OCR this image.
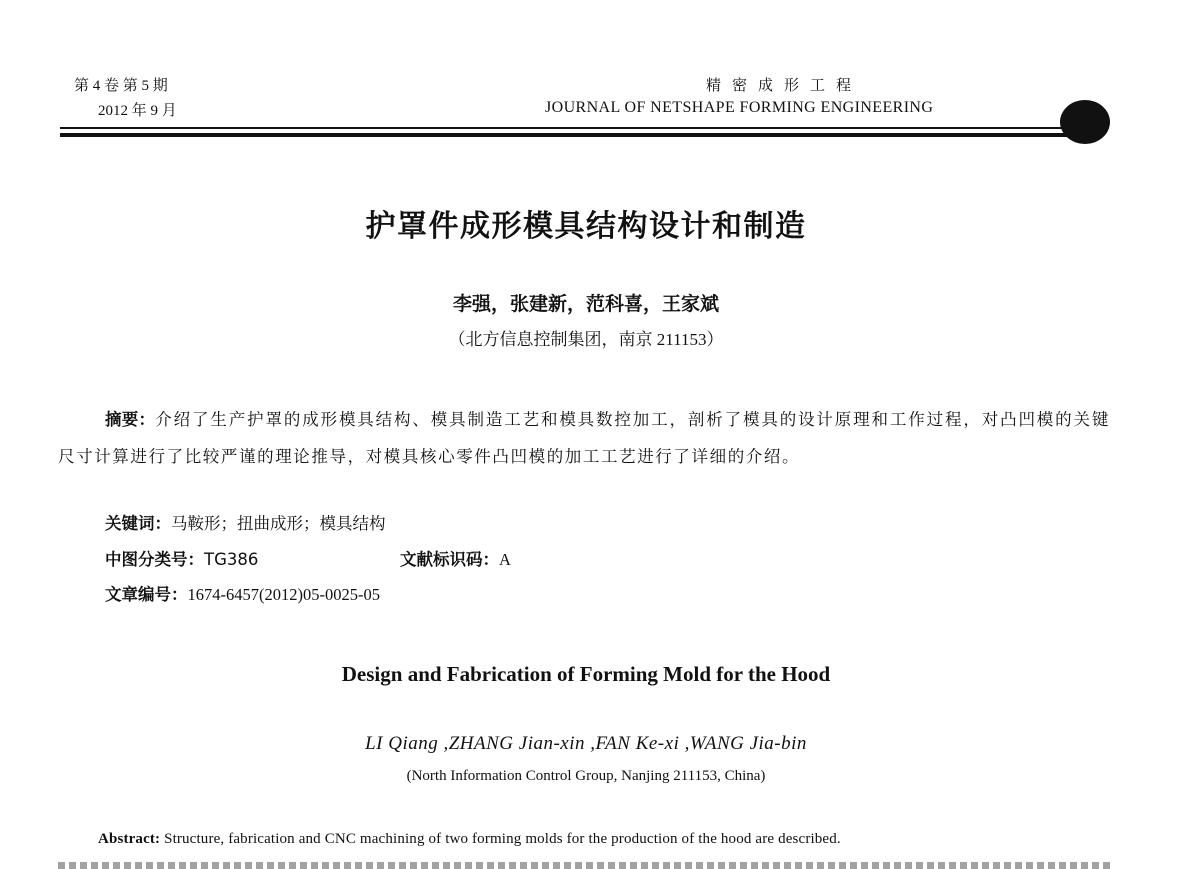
第 4 卷 第 5 期
2012 年 9 月
精密成形工程
JOURNAL OF NETSHAPE FORMING ENGINEERING
护罩件成形模具结构设计和制造
李强，张建新，范科喜，王家斌
（北方信息控制集团，南京 211153）
摘要：介绍了生产护罩的成形模具结构、模具制造工艺和模具数控加工，剖析了模具的设计原理和工作过程，对凸凹模的关键尺寸计算进行了比较严谨的理论推导，对模具核心零件凸凹模的加工工艺进行了详细的介绍。
关键词：马鞍形；扭曲成形；模具结构
中图分类号：TG386	文献标识码：A
文章编号：1674-6457(2012)05-0025-05
Design and Fabrication of Forming Mold for the Hood
LI Qiang ,ZHANG Jian-xin ,FAN Ke-xi ,WANG Jia-bin
(North Information Control Group, Nanjing 211153, China)
Abstract: Structure, fabrication and CNC machining of two forming molds for the production of the hood are described.
